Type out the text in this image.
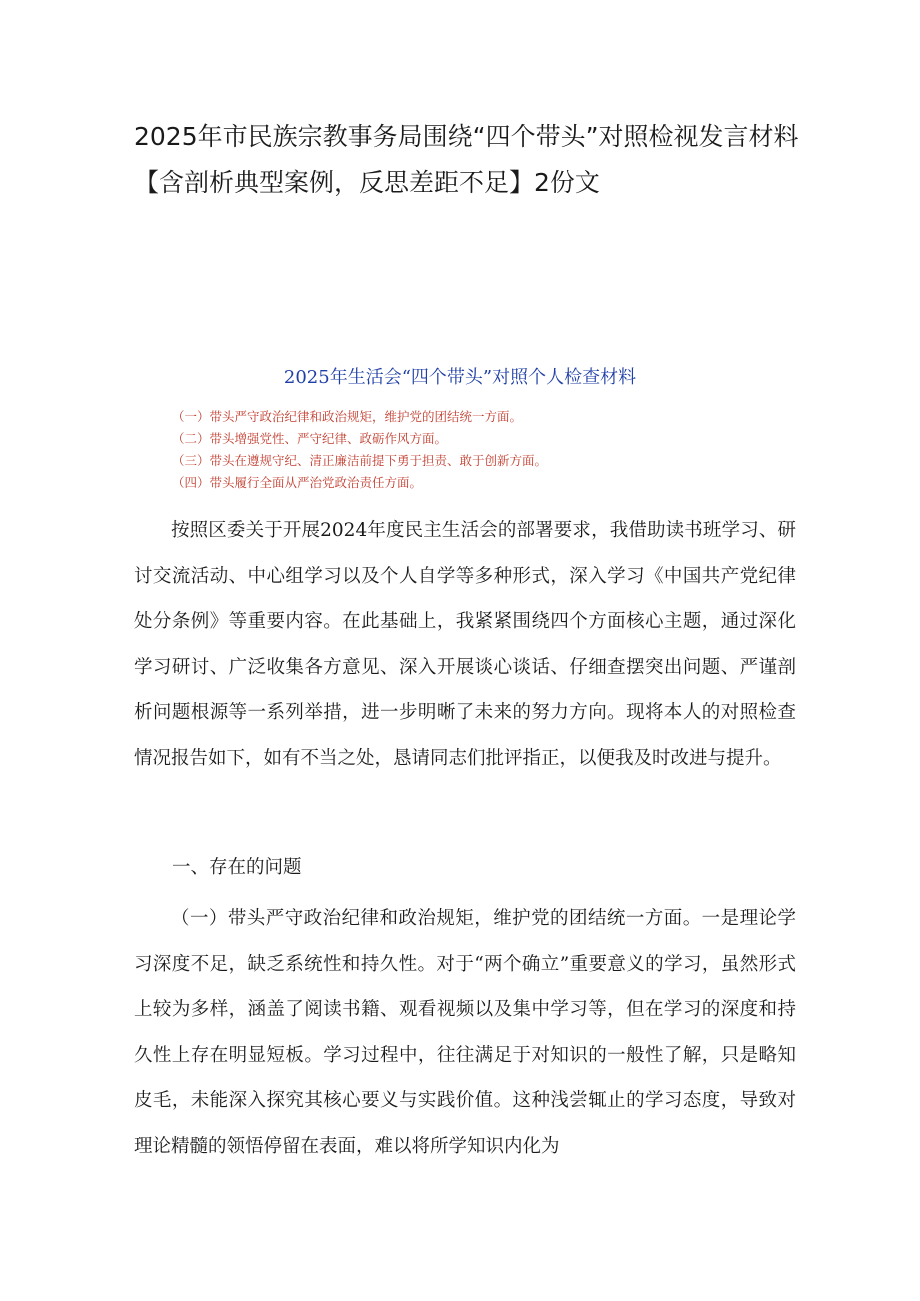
2025年市民族宗教事务局围绕“四个带头”对照检视发言材料【含剖析典型案例，反思差距不足】2份文
2025年生活会“四个带头”对照个人检查材料
（一）带头严守政治纪律和政治规矩，维护党的团结统一方面。
（二）带头增强党性、严守纪律、政砺作风方面。
（三）带头在遵规守纪、清正廉洁前提下勇于担责、敢于创新方面。
（四）带头履行全面从严治党政治责任方面。

按照区委关于开展2024年度民主生活会的部署要求，我借助读书班学习、研讨交流活动、中心组学习以及个人自学等多种形式，深入学习《中国共产党纪律处分条例》等重要内容。在此基础上，我紧紧围绕四个方面核心主题，通过深化学习研讨、广泛收集各方意见、深入开展谈心谈话、仔细查摆突出问题、严谨剖析问题根源等一系列举措，进一步明晰了未来的努力方向。现将本人的对照检查情况报告如下，如有不当之处，恳请同志们批评指正，以便我及时改进与提升。

一、存在的问题

（一）带头严守政治纪律和政治规矩，维护党的团结统一方面。一是理论学习深度不足，缺乏系统性和持久性。对于“两个确立”重要意义的学习，虽然形式上较为多样，涵盖了阅读书籍、观看视频以及集中学习等，但在学习的深度和持久性上存在明显短板。学习过程中，往往满足于对知识的一般性了解，只是略知皮毛，未能深入探究其核心要义与实践价值。这种浅尝辄止的学习态度，导致对理论精髓的领悟停留在表面，难以将所学知识内化为
